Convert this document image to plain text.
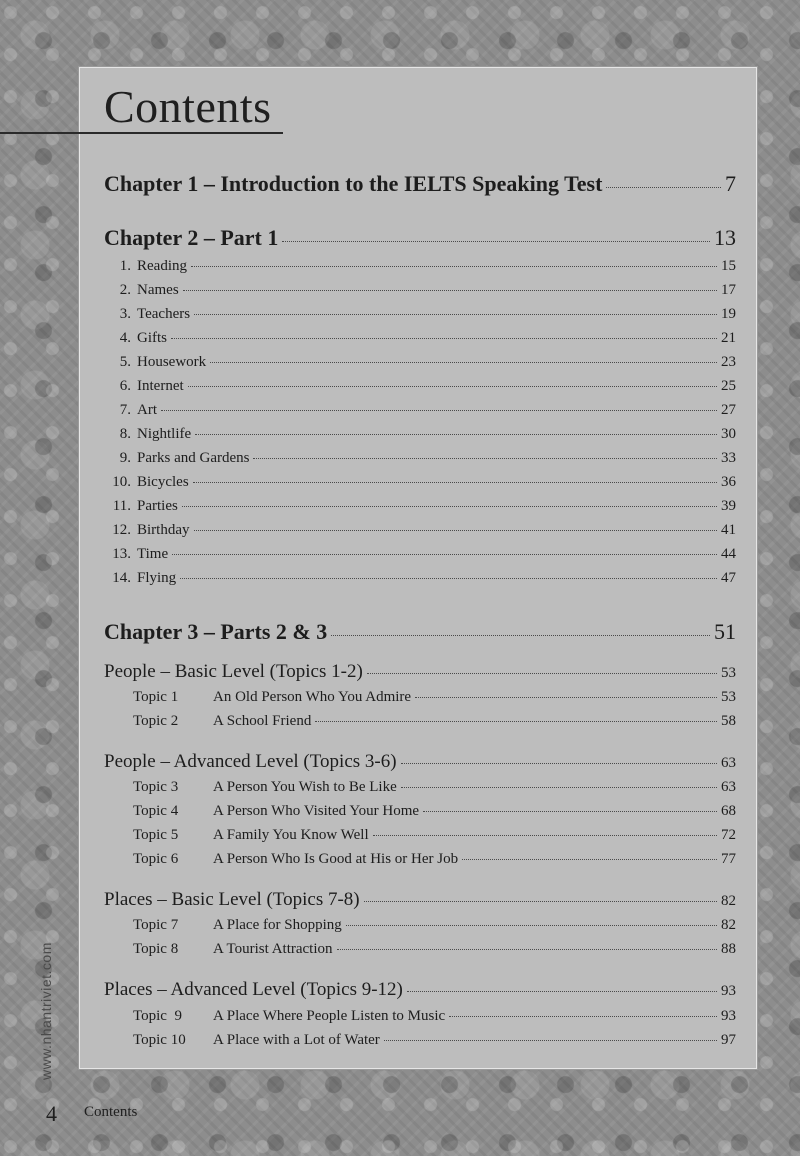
Contents
Chapter 1 – Introduction to the IELTS Speaking Test	7
Chapter 2 – Part 1	13
1. Reading	15
2. Names	17
3. Teachers	19
4. Gifts	21
5. Housework	23
6. Internet	25
7. Art	27
8. Nightlife	30
9. Parks and Gardens	33
10. Bicycles	36
11. Parties	39
12. Birthday	41
13. Time	44
14. Flying	47
Chapter 3 – Parts 2 & 3	51
People – Basic Level (Topics 1-2)	53
Topic 1	An Old Person Who You Admire	53
Topic 2	A School Friend	58
People – Advanced Level (Topics 3-6)	63
Topic 3	A Person You Wish to Be Like	63
Topic 4	A Person Who Visited Your Home	68
Topic 5	A Family You Know Well	72
Topic 6	A Person Who Is Good at His or Her Job	77
Places – Basic Level (Topics 7-8)	82
Topic 7	A Place for Shopping	82
Topic 8	A Tourist Attraction	88
Places – Advanced Level (Topics 9-12)	93
Topic  9	A Place Where People Listen to Music	93
Topic 10	A Place with a Lot of Water	97
www.nhantriviet.com
4 Contents
